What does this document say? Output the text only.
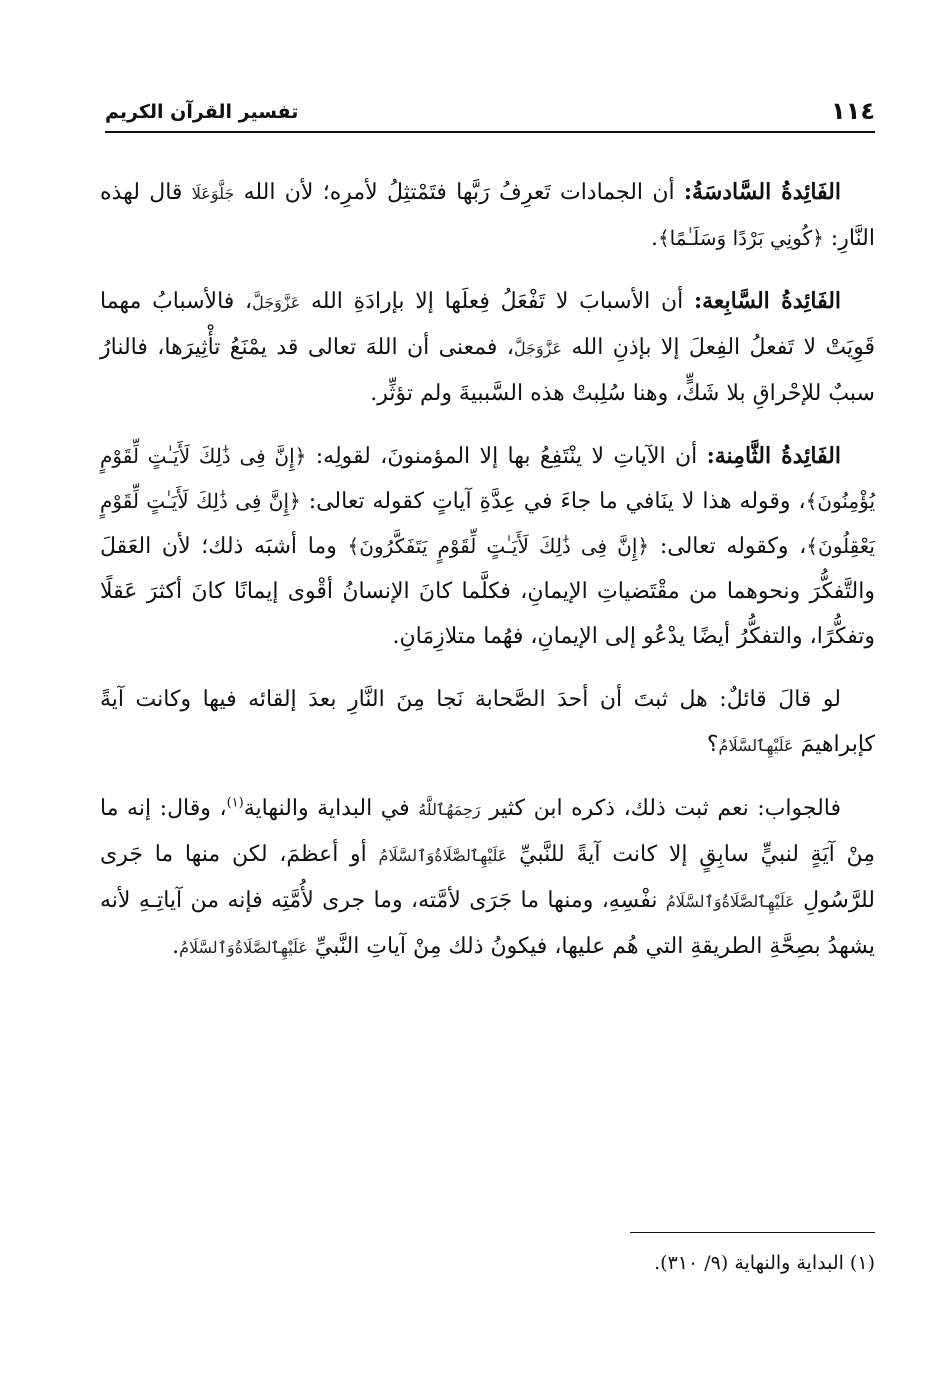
١١٤
تفسير القرآن الكريم

الفَائِدةُ السَّادسَةُ: أن الجمادات تَعرِفُ رَبَّها فتَمْتثِلُ لأمرِه؛ لأن الله جَلَّوَعَلَا قال لهذه النَّارِ: ﴿كُونِي بَرْدًا وَسَلَـٰمًا﴾.

الفَائِدةُ السَّابِعة: أن الأسبابَ لا تَفْعَلُ فِعلَها إلا بإرادَةِ الله عَزَّوَجَلَّ، فالأسبابُ مهما قَوِيَتْ لا تَفعلُ الفِعلَ إلا بإذنِ الله عَزَّوَجَلَّ، فمعنى أن اللهَ تعالى قد يمْنَعُ تأْثِيرَها، فالنارُ سببٌ للإحْراقِ بلا شَكٍّ، وهنا سُلِبتْ هذه السَّببيةَ ولم تؤثِّر.

الفَائِدةُ الثَّامِنة: أن الآياتِ لا ينْتَفِعُ بها إلا المؤمنونَ، لقولِه: ﴿إِنَّ فِى ذَٰلِكَ لَأَيَـٰتٍ لِّقَوْمٍ يُؤْمِنُونَ﴾، وقوله هذا لا ينَافي ما جاءَ في عِدَّةِ آياتٍ كقوله تعالى: ﴿إِنَّ فِى ذَٰلِكَ لَأَيَـٰتٍ لِّقَوْمٍ يَعْقِلُونَ﴾، وكقوله تعالى: ﴿إِنَّ فِى ذَٰلِكَ لَأَيَـٰتٍ لِّقَوْمٍ يَتَفَكَّرُونَ﴾ وما أشبَه ذلك؛ لأن العَقلَ والتَّفكُّرَ ونحوهما من مقْتَضياتِ الإيمانِ، فكلَّما كانَ الإنسانُ أقْوى إيمانًا كانَ أكثرَ عَقلًا وتفكُّرًا، والتفكُّرُ أيضًا يدْعُو إلى الإيمانِ، فهُما متلازِمَانِ.

لو قالَ قائلٌ: هل ثبتَ أن أحدَ الصَّحابة نَجا مِنَ النَّارِ بعدَ إلقائه فيها وكانت آيةً كإبراهيمَ عَلَيْهِٱلسَّلَامُ؟

فالجواب: نعم ثبت ذلك، ذكره ابن كثير رَحِمَهُٱللَّهُ في البداية والنهاية$^{(١)}$، وقال: إنه ما مِنْ آيَةٍ لنبيٍّ سابِقٍ إلا كانت آيةً للنَّبيِّ عَلَيْهِٱلصَّلَاةُوَٱلسَّلَامُ أو أعظمَ، لكن منها ما جَرى للرَّسُولِ عَلَيْهِٱلصَّلَاةُوَٱلسَّلَامُ نفْسِهِ، ومنها ما جَرَى لأمَّته، وما جرى لأُمَّتِه فإنه من آياتِـهِ لأنه يشهدُ بصِحَّةِ الطريقةِ التي هُم عليها، فيكونُ ذلك مِنْ آياتِ النَّبيِّ عَلَيْهِٱلصَّلَاةُوَٱلسَّلَامُ.

(١) البداية والنهاية (٩/ ٣١٠).
